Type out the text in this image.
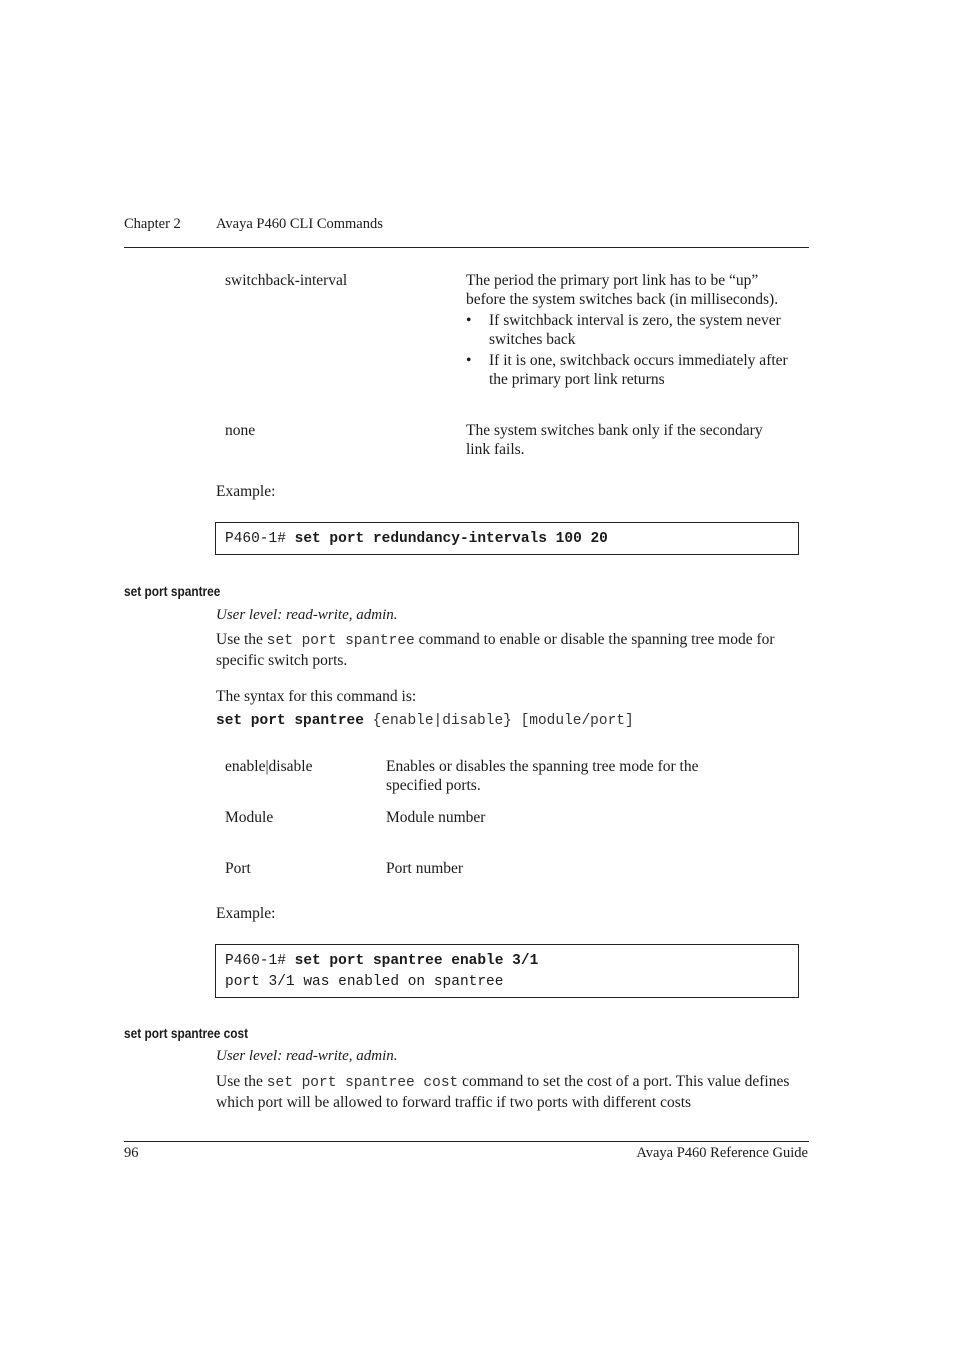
Chapter 2 Avaya P460 CLI Commands
switchback-interval	The period the primary port link has to be “up” before the system switches back (in milliseconds).
• If switchback interval is zero, the system never switches back
• If it is one, switchback occurs immediately after the primary port link returns
none	The system switches bank only if the secondary link fails.
Example:
P460-1# set port redundancy-intervals 100 20
set port spantree
User level: read-write, admin.
Use the set port spantree command to enable or disable the spanning tree mode for specific switch ports.
The syntax for this command is:
set port spantree {enable|disable} [module/port]
enable|disable	Enables or disables the spanning tree mode for the specified ports.
Module	Module number
Port	Port number
Example:
P460-1# set port spantree enable 3/1
port 3/1 was enabled on spantree
set port spantree cost
User level: read-write, admin.
Use the set port spantree cost command to set the cost of a port. This value defines which port will be allowed to forward traffic if two ports with different costs
96	Avaya P460 Reference Guide
